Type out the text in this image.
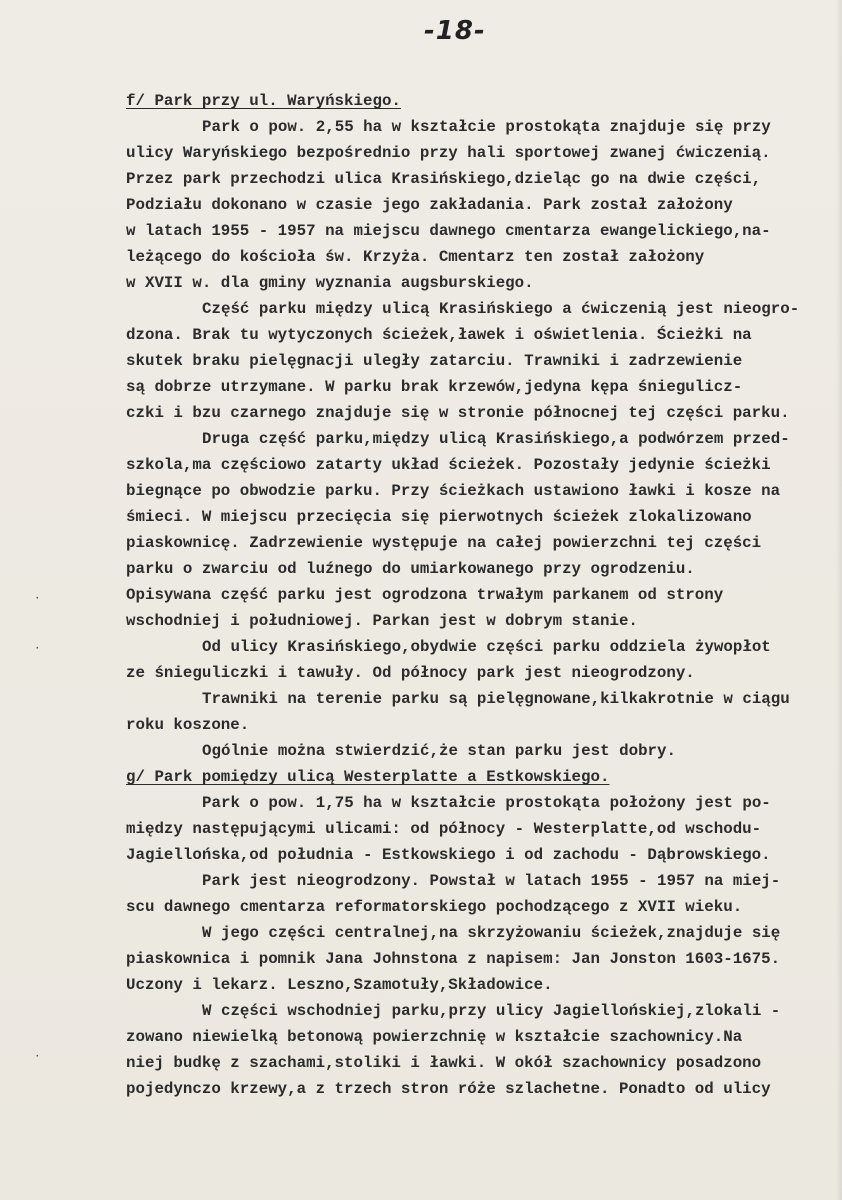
-18-
f/ Park przy ul. Waryńskiego.
Park o pow. 2,55 ha w kształcie prostokąta znajduje się przy
ulicy Waryńskiego bezpośrednio przy hali sportowej zwanej ćwiczenią.
Przez park przechodzi ulica Krasińskiego,dzieląc go na dwie części,
Podziału dokonano w czasie jego zakładania. Park został założony
w latach 1955 - 1957 na miejscu dawnego cmentarza ewangelickiego,na-
leżącego do kościoła św. Krzyża. Cmentarz ten został założony
w XVII w. dla gminy wyznania augsburskiego.
Część parku między ulicą Krasińskiego a ćwiczenią jest nieogro-
dzona. Brak tu wytyczonych ścieżek,ławek i oświetlenia. Ścieżki na
skutek braku pielęgnacji uległy zatarciu. Trawniki i zadrzewienie
są dobrze utrzymane. W parku brak krzewów,jedyna kępa śniegulicz-
czki i bzu czarnego znajduje się w stronie północnej tej części parku.
Druga część parku,między ulicą Krasińskiego,a podwórzem przed-
szkola,ma częściowo zatarty układ ścieżek. Pozostały jedynie ścieżki
biegnące po obwodzie parku. Przy ścieżkach ustawiono ławki i kosze na
śmieci. W miejscu przecięcia się pierwotnych ścieżek zlokalizowano
piaskownicę. Zadrzewienie występuje na całej powierzchni tej części
parku o zwarciu od luźnego do umiarkowanego przy ogrodzeniu.
Opisywana część parku jest ogrodzona trwałym parkanem od strony
wschodniej i południowej. Parkan jest w dobrym stanie.
Od ulicy Krasińskiego,obydwie części parku oddziela żywopłot
ze śnieguliczki i tawuły. Od północy park jest nieogrodzony.
Trawniki na terenie parku są pielęgnowane,kilkakrotnie w ciągu
roku koszone.
Ogólnie można stwierdzić,że stan parku jest dobry.
g/ Park pomiędzy ulicą Westerplatte a Estkowskiego.
Park o pow. 1,75 ha w kształcie prostokąta położony jest po-
między następującymi ulicami: od północy - Westerplatte,od wschodu-
Jagiellońska,od południa - Estkowskiego i od zachodu - Dąbrowskiego.
Park jest nieogrodzony. Powstał w latach 1955 - 1957 na miej-
scu dawnego cmentarza reformatorskiego pochodzącego z XVII wieku.
W jego części centralnej,na skrzyżowaniu ścieżek,znajduje się
piaskownica i pomnik Jana Johnstona z napisem: Jan Jonston 1603-1675.
Uczony i lekarz. Leszno,Szamotuły,Składowice.
W części wschodniej parku,przy ulicy Jagiellońskiej,zlokali -
zowano niewielką betonową powierzchnię w kształcie szachownicy.Na
niej budkę z szachami,stoliki i ławki. W okół szachownicy posadzono
pojedynczo krzewy,a z trzech stron róże szlachetne. Ponadto od ulicy
·
·
·
